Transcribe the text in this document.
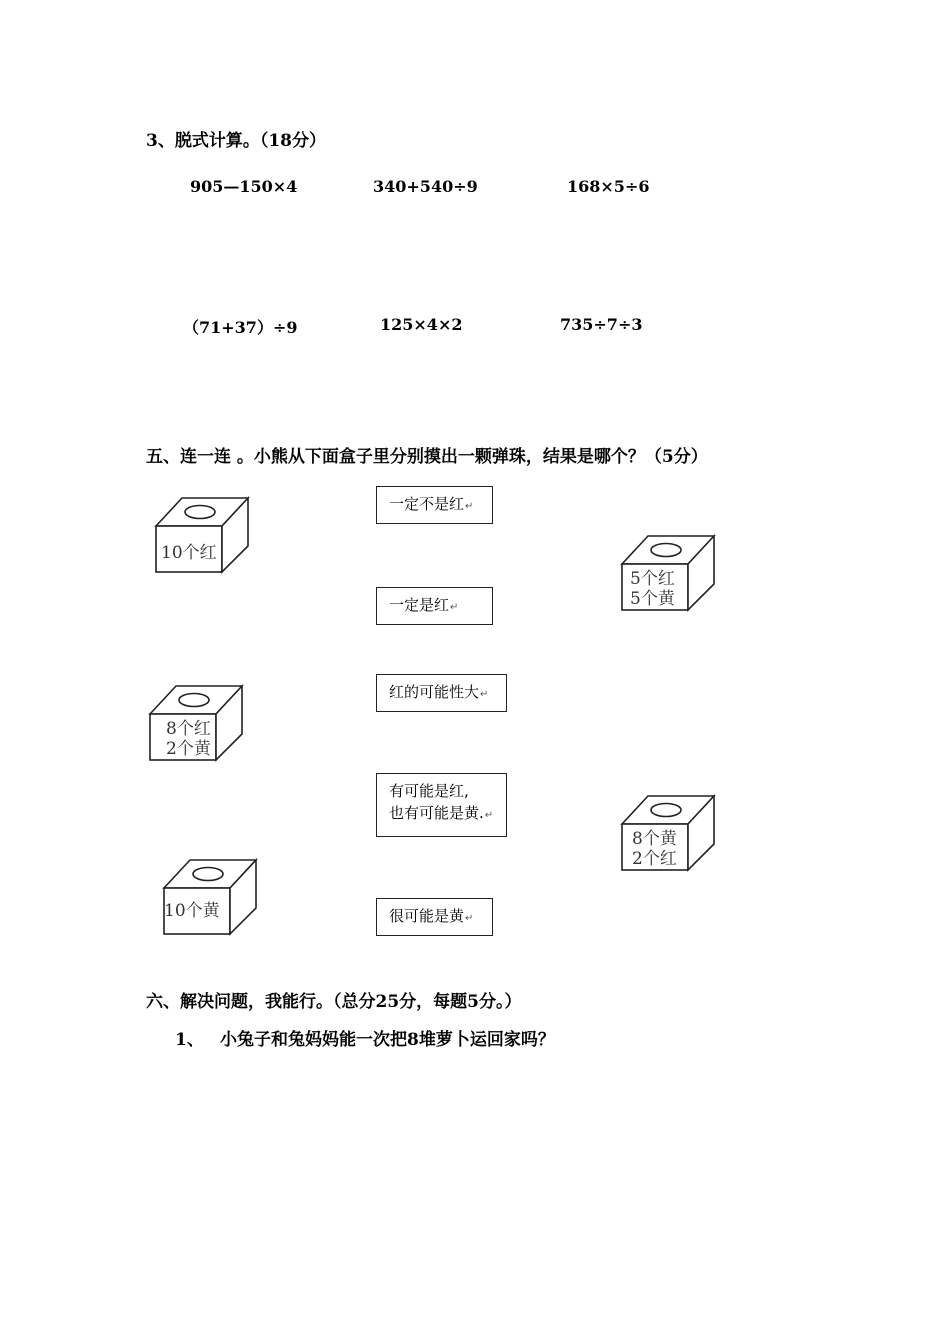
3、脱式计算。（18分）
905—150×4	340+540÷9	168×5÷6
（71+37）÷9	125×4×2	735÷7÷3
五、连一连 。小熊从下面盒子里分别摸出一颗弹珠，结果是哪个？（5分）
10个红
8个红
2个黄
10个黄
5个红
5个黄
8个黄
2个红
一定不是红↵
一定是红↵
红的可能性大↵
有可能是红,
也有可能是黄.↵
很可能是黄↵
六、解决问题，我能行。（总分25分，每题5分。）
1、 小兔子和兔妈妈能一次把8堆萝卜运回家吗？
